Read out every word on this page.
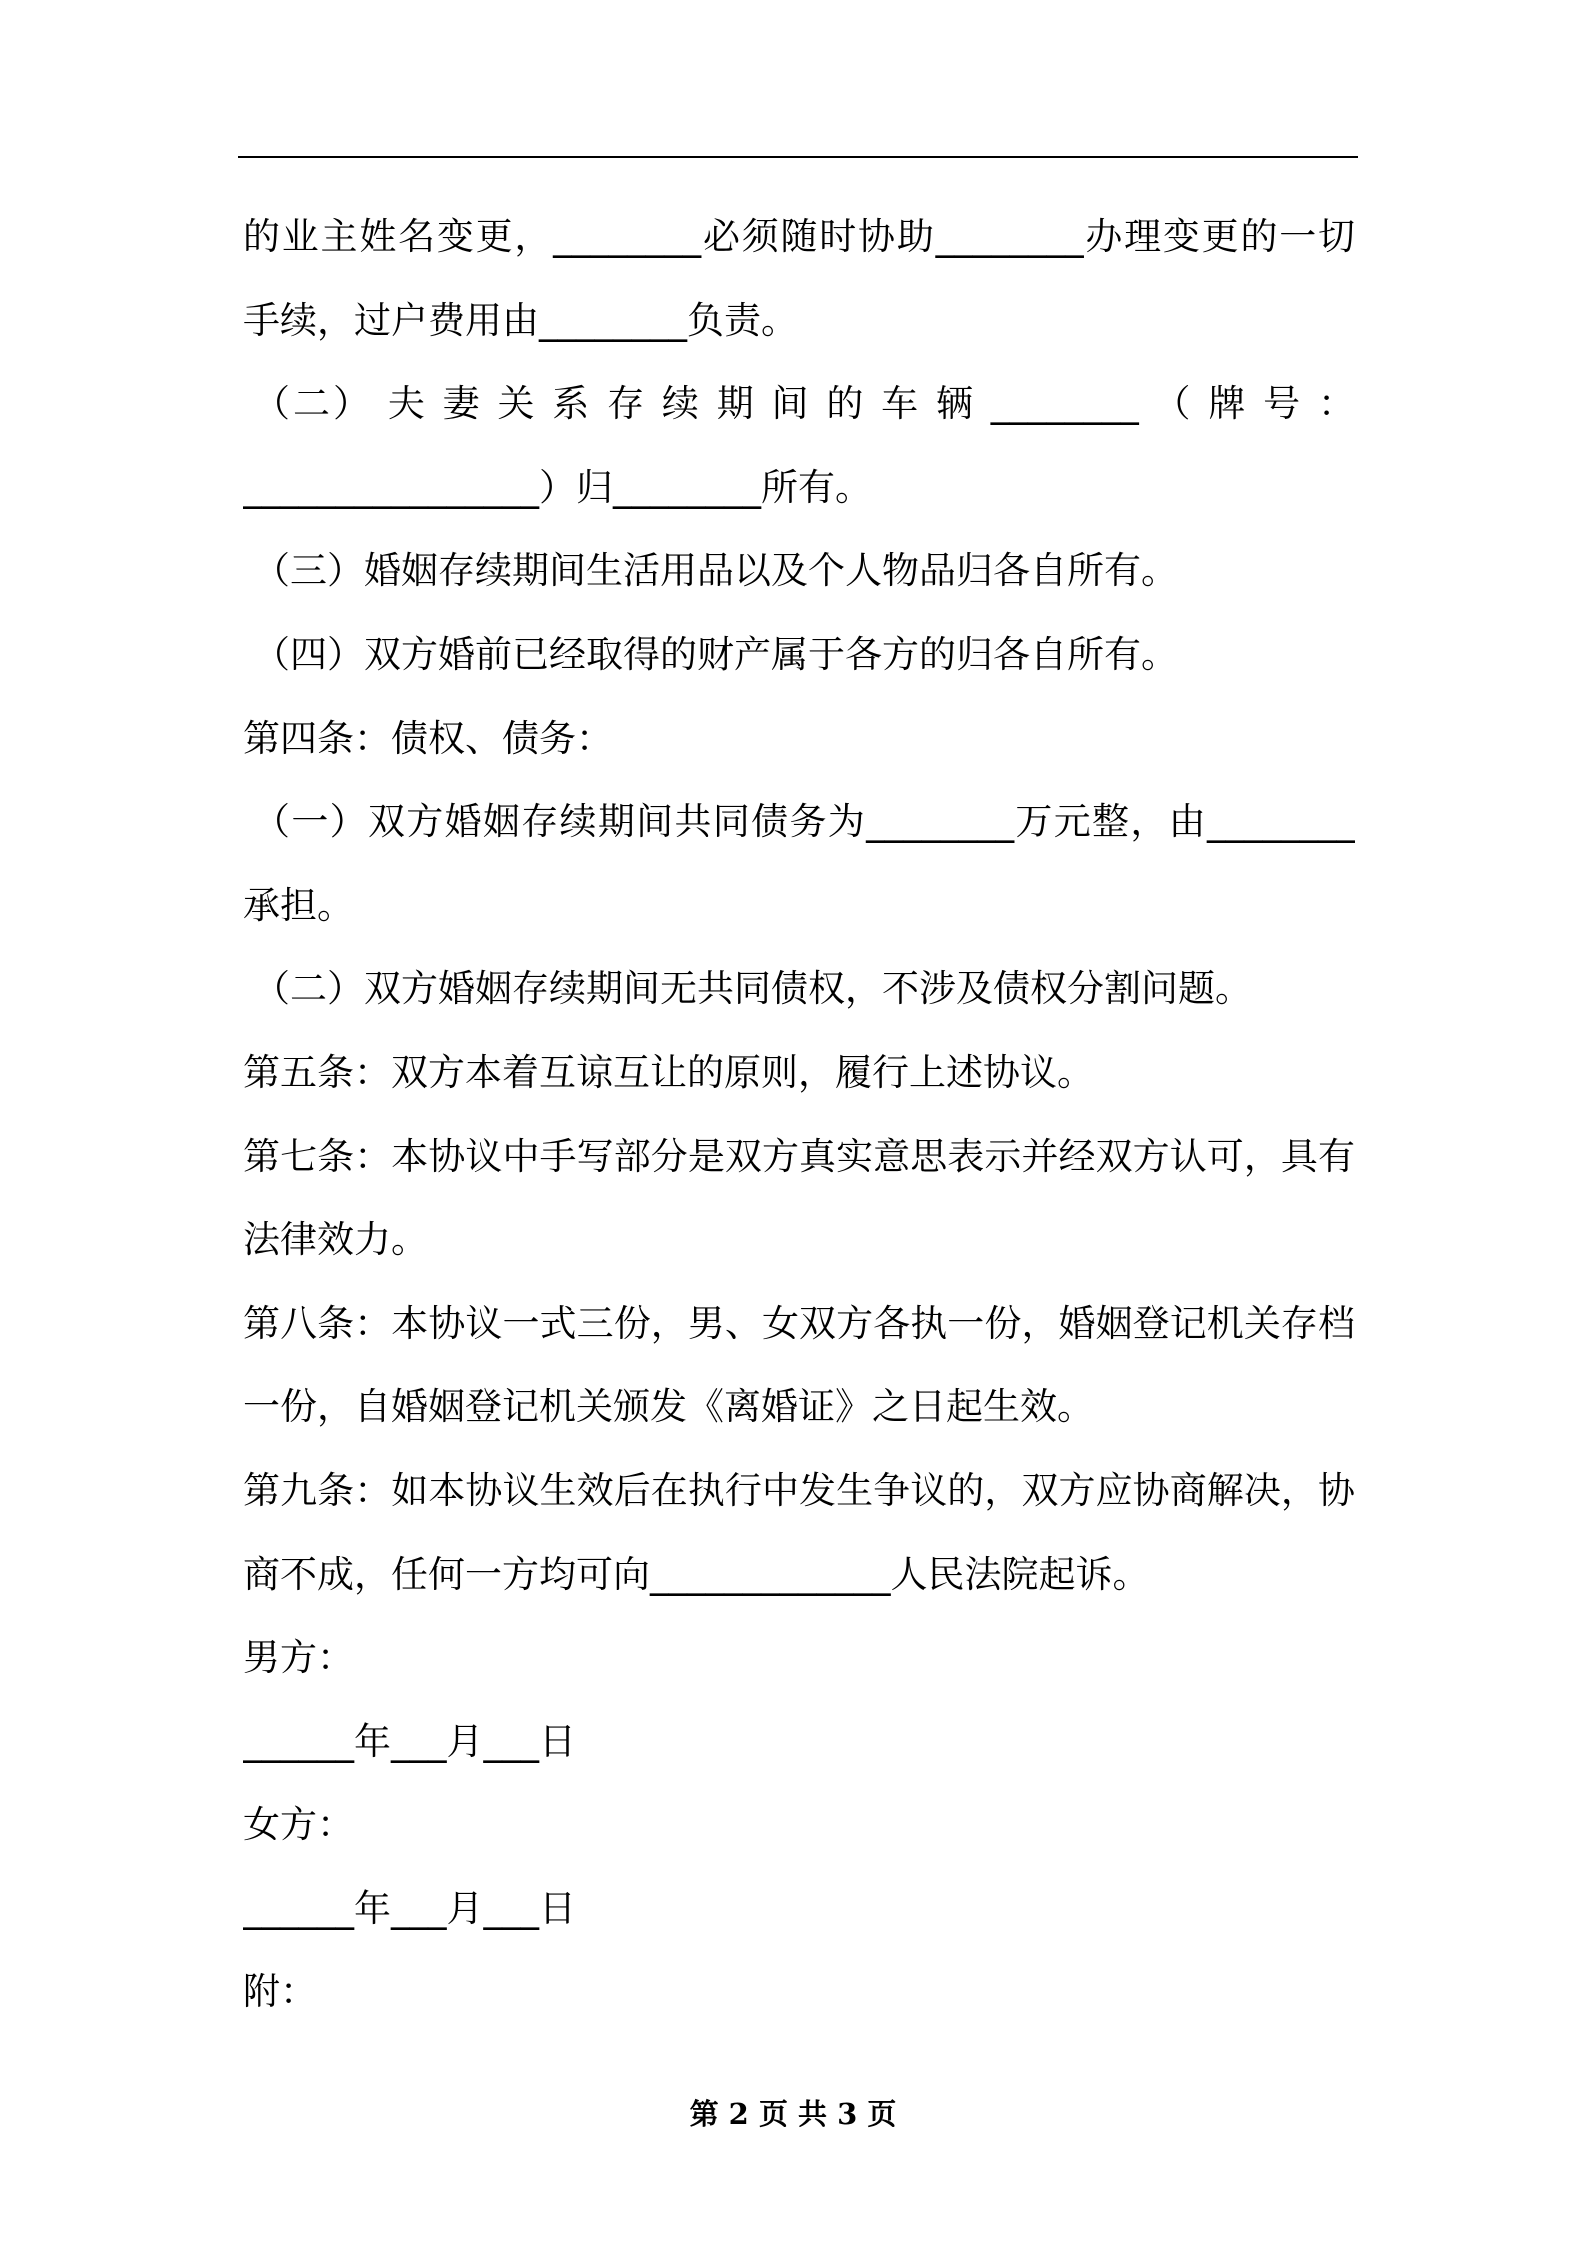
的业主姓名变更，________必须随时协助________办理变更的一切
手续，过户费用由________负责。
（二） 夫 妻 关 系 存 续 期 间 的 车 辆 ________ （ 牌 号 ：
________________）归________所有。
（三）婚姻存续期间生活用品以及个人物品归各自所有。
（四）双方婚前已经取得的财产属于各方的归各自所有。
第四条：债权、债务：
（一）双方婚姻存续期间共同债务为________万元整，由________
承担。
（二）双方婚姻存续期间无共同债权，不涉及债权分割问题。
第五条：双方本着互谅互让的原则，履行上述协议。
第七条：本协议中手写部分是双方真实意思表示并经双方认可，具有
法律效力。
第八条：本协议一式三份，男、女双方各执一份，婚姻登记机关存档
一份，自婚姻登记机关颁发《离婚证》之日起生效。
第九条：如本协议生效后在执行中发生争议的，双方应协商解决，协
商不成，任何一方均可向_____________人民法院起诉。
男方：
______年___月___日
女方：
______年___月___日
附：
第 2 页 共 3 页
